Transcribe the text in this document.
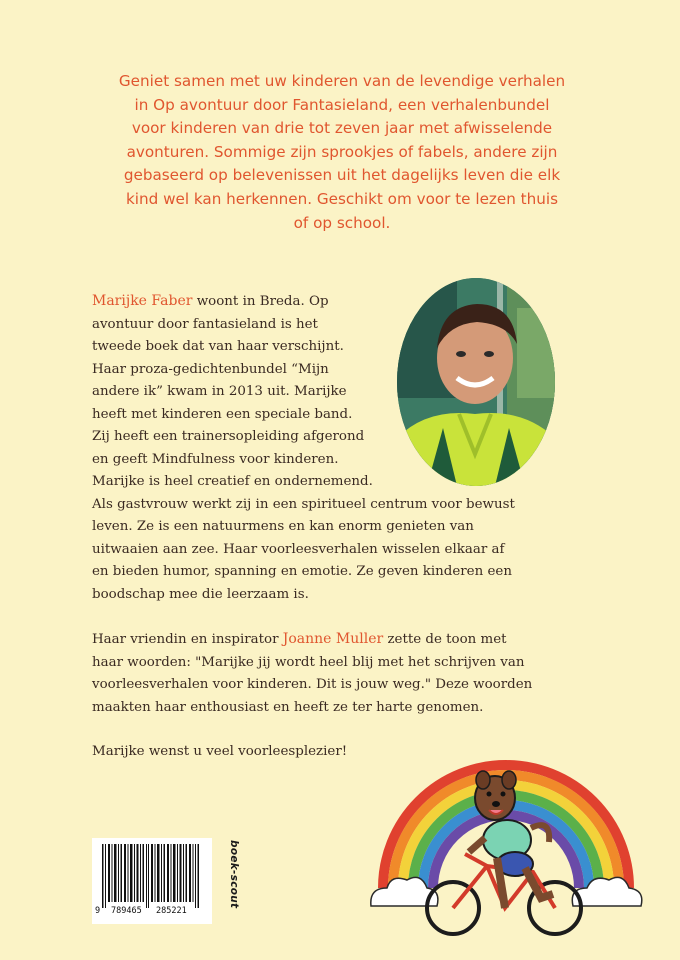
Geniet samen met uw kinderen van de levendige verhalen
in Op avontuur door Fantasieland, een verhalenbundel
voor kinderen van drie tot zeven jaar met afwisselende
avonturen. Sommige zijn sprookjes of fabels, andere zijn
gebaseerd op belevenissen uit het dagelijks leven die elk
kind wel kan herkennen. Geschikt om voor te lezen thuis
of op school.

Marijke Faber woont in Breda. Op
avontuur door fantasieland is het
tweede boek dat van haar verschijnt.
Haar proza-gedichtenbundel “Mijn
andere ik” kwam in 2013 uit. Marijke
heeft met kinderen een speciale band.
Zij heeft een trainersopleiding afgerond
en geeft Mindfulness voor kinderen.
Marijke is heel creatief en ondernemend.
Als gastvrouw werkt zij in een spiritueel centrum voor bewust
leven. Ze is een natuurmens en kan enorm genieten van
uitwaaien aan zee. Haar voorleesverhalen wisselen elkaar af
en bieden humor, spanning en emotie. Ze geven kinderen een
boodschap mee die leerzaam is.

Haar vriendin en inspirator Joanne Muller zette de toon met
haar woorden: "Marijke jij wordt heel blij met het schrijven van
voorleesverhalen voor kinderen. Dit is jouw weg." Deze woorden
maakten haar enthousiast en heeft ze ter harte genomen.

Marijke wenst u veel voorleesplezier!

9 789465 285221
boek-scout
